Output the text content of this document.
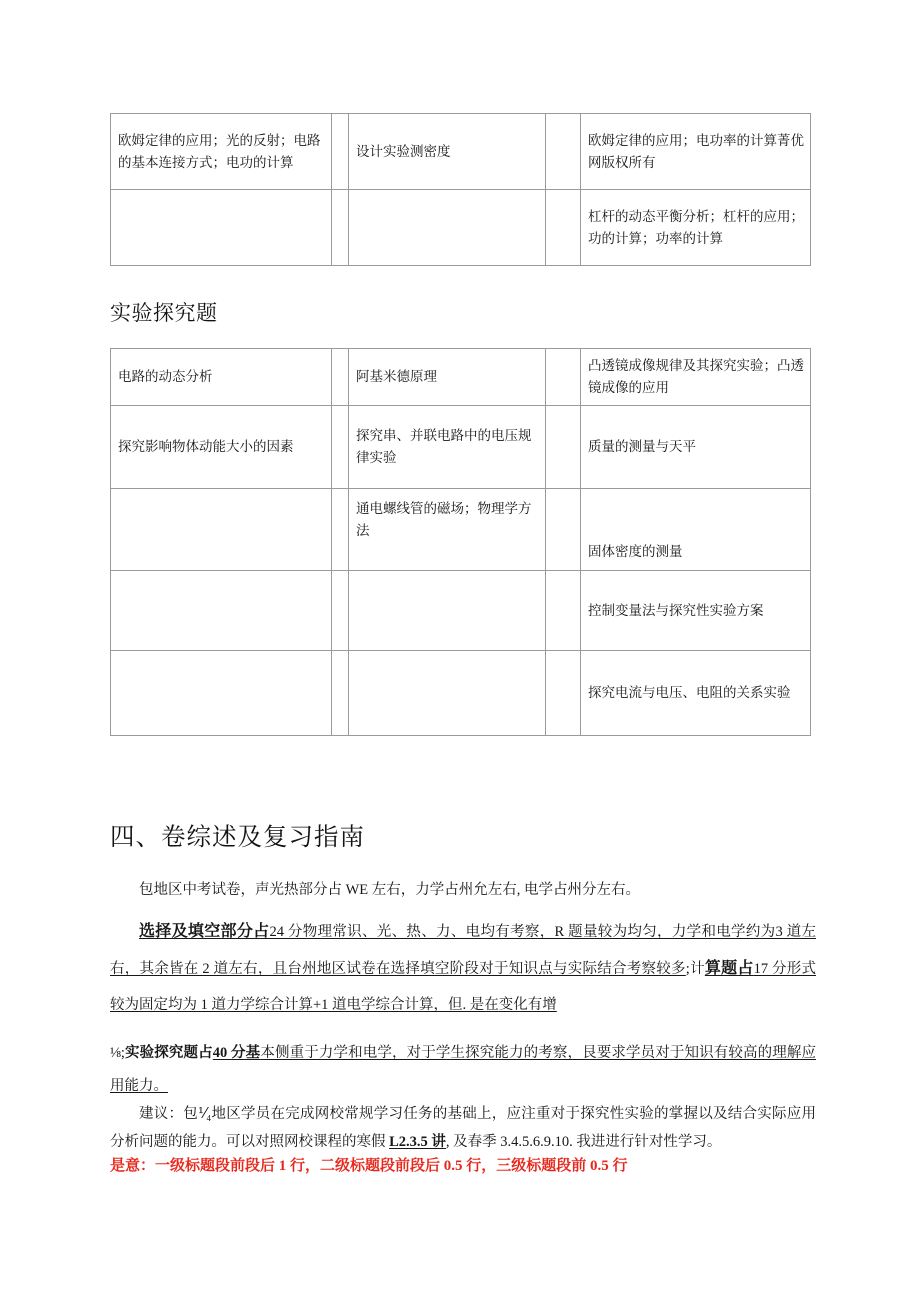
欧姆定律的应用；光的反射；电路的基本连接方式；电功的计算		设计实验测密度		欧姆定律的应用；电功率的计算菁优网版权所有

				杠杆的动态平衡分析；杠杆的应用；功的计算；功率的计算
实验探究题
电路的动态分析		阿基米德原理		凸透镜成像规律及其探究实验；凸透镜成像的应用

探究影响物体动能大小的因素		探究串、并联电路中的电压规律实验		质量的测量与天平

		通电螺线管的磁场；物理学方法		固体密度的测量

				控制变量法与探究性实验方案

				探究电流与电压、电阻的关系实验
四、卷综述及复习指南

包地区中考试卷，声光热部分占 WE 左右，力学占州允左右, 电学占州分左右。

选择及填空部分占24 分物理常识、光、热、力、电均有考察，R 题量较为均匀，力学和电学约为3 道左右，其余皆在 2 道左右，且台州地区试卷在选择填空阶段对于知识点与实际结合考察较多;计算题占17 分形式较为固定均为 1 道力学综合计算+1 道电学综合计算，但. 是在变化有增

⅛;实验探究题占40 分基本侧重于力学和电学，对于学生探究能力的考察，艮要求学员对于知识有较高的理解应用能力。

建议：包⅟₄地区学员在完成网校常规学习任务的基础上，应注重对于探究性实验的掌握以及结合实际应用分析问题的能力。可以对照网校课程的寒假 L2.3.5 讲, 及春季 3.4.5.6.9.10. 我进进行针对性学习。

是意：一级标题段前段后 1 行，二级标题段前段后 0.5 行，三级标题段前 0.5 行
